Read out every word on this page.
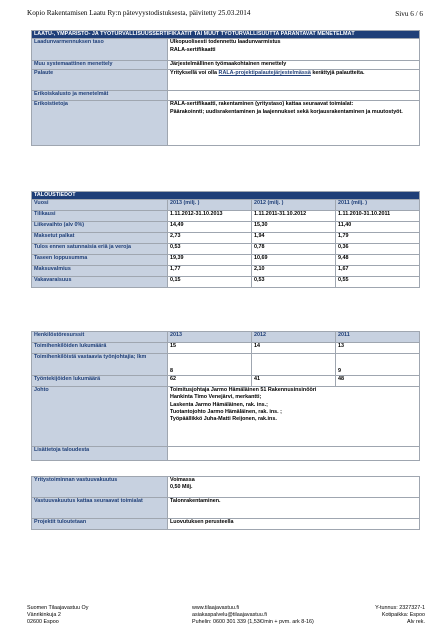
Kopio Rakentamisen Laatu Ry:n pätevyystodistuksesta, päivitetty 25.03.2014	Sivu 6 / 6
LAATU-, YMPÄRISTÖ- JA TYÖTURVALLISUUSSERTIFIKAATIT TAI MUUT TYÖTURVALLISUUTTA PARANTAVAT MENETELMÄT	
Laadunvarmennuksen taso	Ulkopuolisesti todennettu laadunvarmistus
RALA-sertifikaatti

Muu systemaattinen menettely	Järjestelmällinen työmaakohtainen menettely
Palaute	Yrityksellä voi olla RALA-projektipalautejärjestelmässä kerättyjä palautteita.
Erikoiskalusto ja menetelmät	
Erikoistietoja	RALA-sertifikaatti, rakentaminen (yritystaso) kattaa seuraavat toimialat:
Päärakoinnti; uudisrakentaminen ja laajennukset sekä korjausrakentaminen ja muutostyöt.
TALOUSTIEDOT			
Vuosi	2013 (milj. )	2012 (milj. )	2011 (milj. )
Tilikausi	1.11.2012-31.10.2013	1.11.2011-31.10.2012	1.11.2010-31.10.2011
Liikevaihto (alv 0%)	14,49	15,30	11,40
Maksetut palkat	2,73	1,94	1,79
Tulos ennen satunnaisia eriä ja veroja	0,53	0,78	0,36
Taseen loppusumma	19,39	10,69	9,48
Maksuvalmius	1,77	2,10	1,67
Vakavaraisuus	0,15	0,53	0,55
Henkilöstöresurssit	2013	2012	2011
Toimihenkilöiden lukumäärä	15	14	13
Toimihenkilöistä vastaavia työnjohtajia; lkm	8		9
Työntekijöiden lukumäärä	62	41	48
Johto	Toimitusjohtaja Jarmo Hämäläinen 51 Rakennusinsinööri
Hankinta Timo Venejärvi, merkantti;
Laskenta Jarmo Hämäläinen, rak. ins.;
Tuotantojohto Jarmo Hämäläinen, rak. ins. ;
Työpäällikkö Juha-Matti Reijonen, rak.ins.		

Lisätietoja taloudesta			
Yritystoiminnan vastuuvakuutus	Voimassa
0,50 Milj.

Vastuuvakuutus kattaa seuraavat toimialat	Talonrakentaminen.
Projektit tuloutetaan	Luovutuksen perusteella
Suomen Tilaajavastuu Oy
Vänrikinkuja 2
02600 Espoo
www.tilaajavastuu.fi
asiakaspalvelu@tilaajavastuu.fi
Puhelin: 0600 301 339 (1,53€/min + pvm. ark 8-16)
Y-tunnus: 2327327-1
Kotipaikka: Espoo
Alv rek.
